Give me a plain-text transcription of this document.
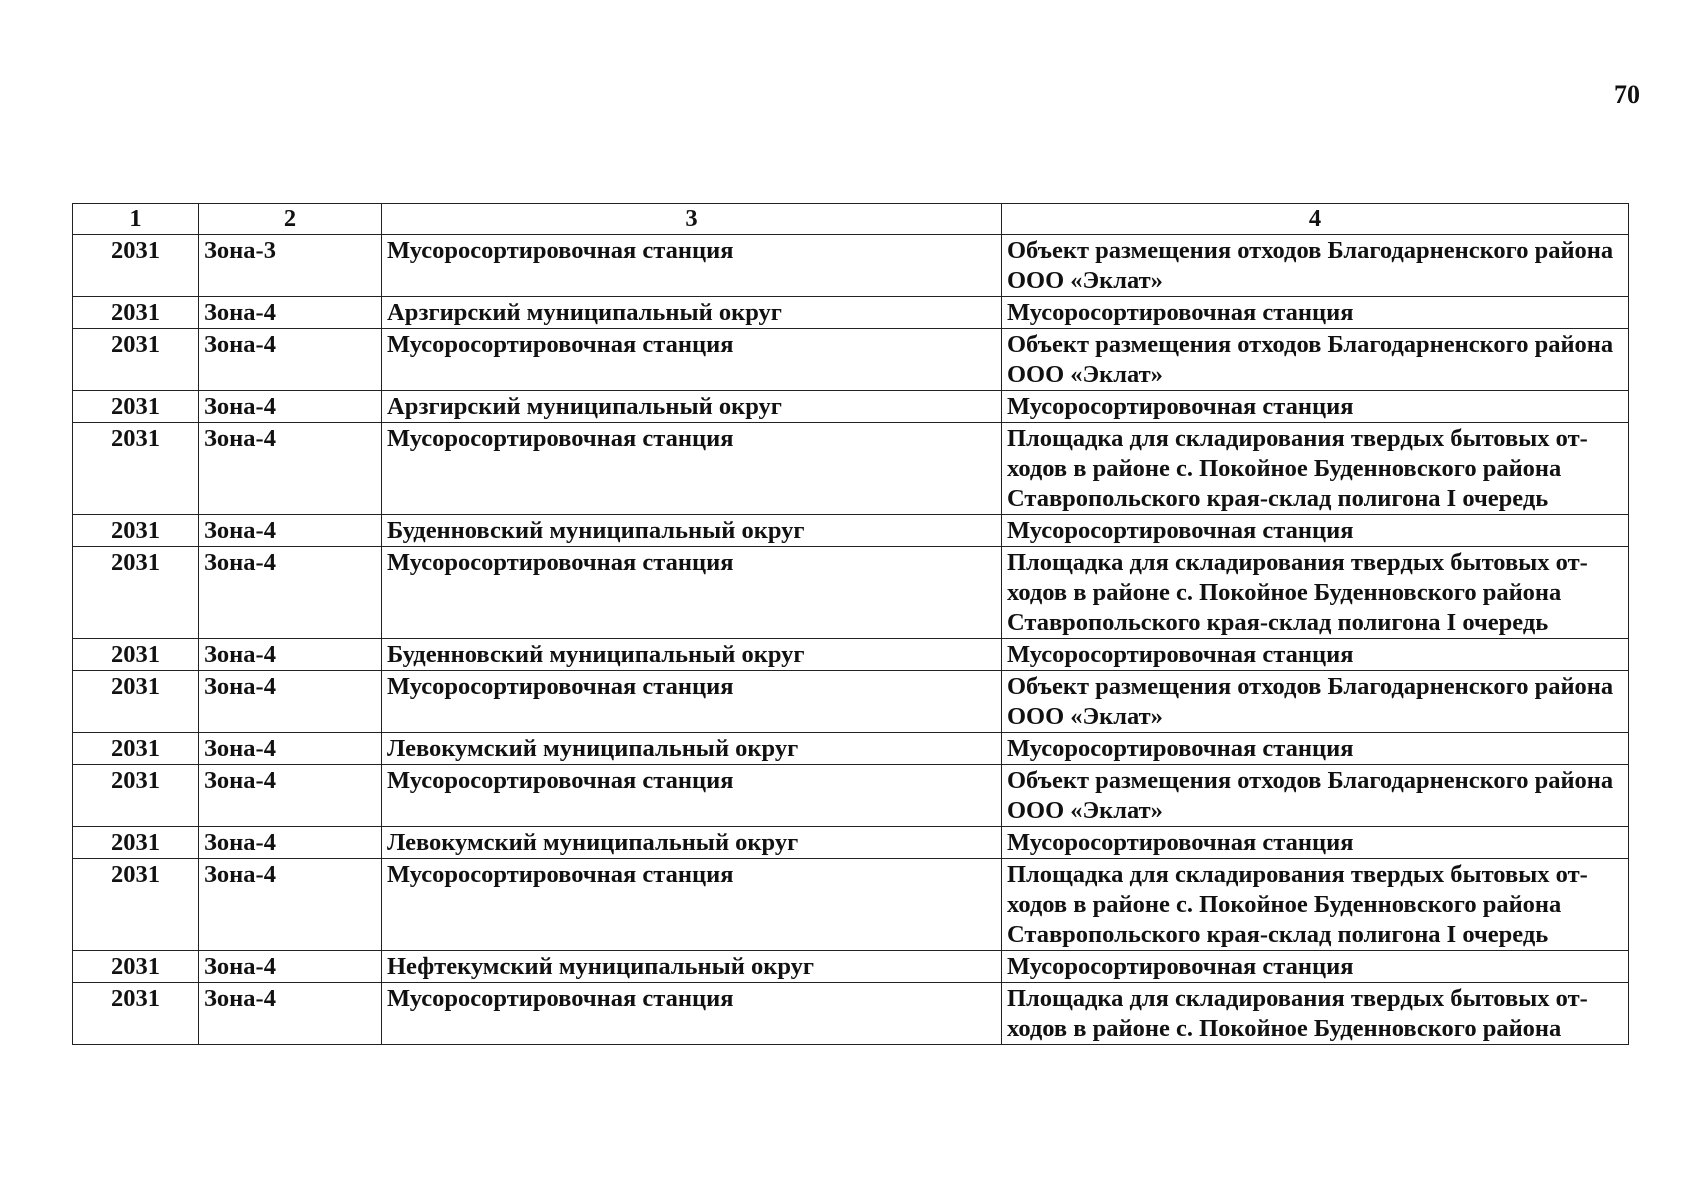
70
1	2	3	4
2031	Зона-3	Мусоросортировочная станция	Объект размещения отходов Благодарненского района ООО «Эклат»
2031	Зона-4	Арзгирский муниципальный округ	Мусоросортировочная станция
2031	Зона-4	Мусоросортировочная станция	Объект размещения отходов Благодарненского района ООО «Эклат»
2031	Зона-4	Арзгирский муниципальный округ	Мусоросортировочная станция
2031	Зона-4	Мусоросортировочная станция	Площадка для складирования твердых бытовых от-ходов в районе с. Покойное Буденновского района Ставропольского края-склад полигона I очередь
2031	Зона-4	Буденновский муниципальный округ	Мусоросортировочная станция
2031	Зона-4	Мусоросортировочная станция	Площадка для складирования твердых бытовых от-ходов в районе с. Покойное Буденновского района Ставропольского края-склад полигона I очередь
2031	Зона-4	Буденновский муниципальный округ	Мусоросортировочная станция
2031	Зона-4	Мусоросортировочная станция	Объект размещения отходов Благодарненского района ООО «Эклат»
2031	Зона-4	Левокумский муниципальный округ	Мусоросортировочная станция
2031	Зона-4	Мусоросортировочная станция	Объект размещения отходов Благодарненского района ООО «Эклат»
2031	Зона-4	Левокумский муниципальный округ	Мусоросортировочная станция
2031	Зона-4	Мусоросортировочная станция	Площадка для складирования твердых бытовых от-ходов в районе с. Покойное Буденновского района Ставропольского края-склад полигона I очередь
2031	Зона-4	Нефтекумский муниципальный округ	Мусоросортировочная станция
2031	Зона-4	Мусоросортировочная станция	Площадка для складирования твердых бытовых от-ходов в районе с. Покойное Буденновского района
